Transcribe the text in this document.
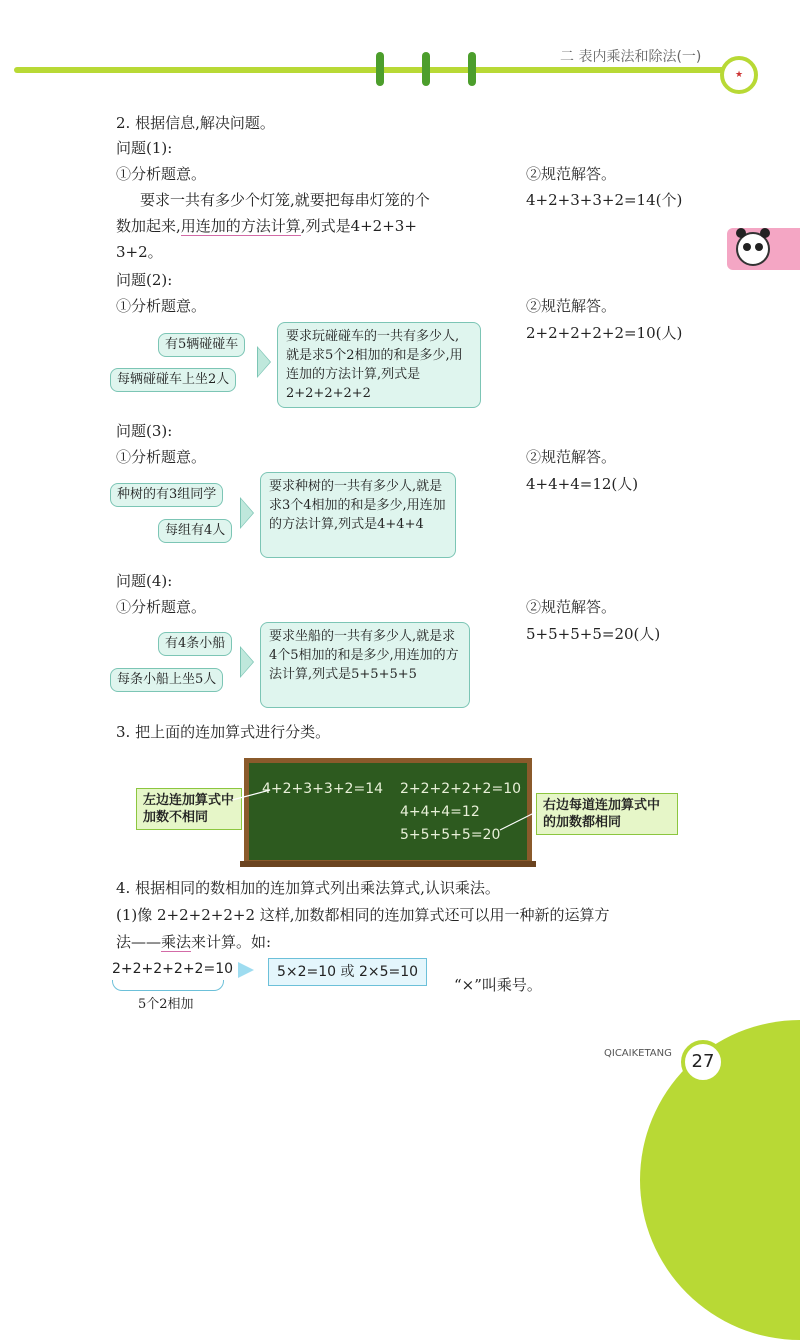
二 表内乘法和除法(一)
★
2. 根据信息,解决问题。
问题(1):
①分析题意。	②规范解答。
4+2+3+3+2=14(个)
要求一共有多少个灯笼,就要把每串灯笼的个
数加起来,用连加的方法计算,列式是4+2+3+
3+2。
问题(2):
①分析题意。	②规范解答。
2+2+2+2+2=10(人)
有5辆碰碰车
每辆碰碰车上坐2人
要求玩碰碰车的一共有多少人,就是求5个2相加的和是多少,用连加的方法计算,列式是2+2+2+2+2
问题(3):
①分析题意。	②规范解答。
4+4+4=12(人)
种树的有3组同学
每组有4人
要求种树的一共有多少人,就是求3个4相加的和是多少,用连加的方法计算,列式是4+4+4
问题(4):
①分析题意。	②规范解答。
5+5+5+5=20(人)
有4条小船
每条小船上坐5人
要求坐船的一共有多少人,就是求4个5相加的和是多少,用连加的方法计算,列式是5+5+5+5
3. 把上面的连加算式进行分类。
4+2+3+3+2=14 2+2+2+2+2=10
4+4+4=12
5+5+5+5=20
左边连加算式中加数不相同
右边每道连加算式中的加数都相同
4. 根据相同的数相加的连加算式列出乘法算式,认识乘法。
(1)像 2+2+2+2+2 这样,加数都相同的连加算式还可以用一种新的运算方
法——乘法来计算。如:
2+2+2+2+2=10
5个2相加
5×2=10 或 2×5=10
“×”叫乘号。
QICAIKETANG	27
